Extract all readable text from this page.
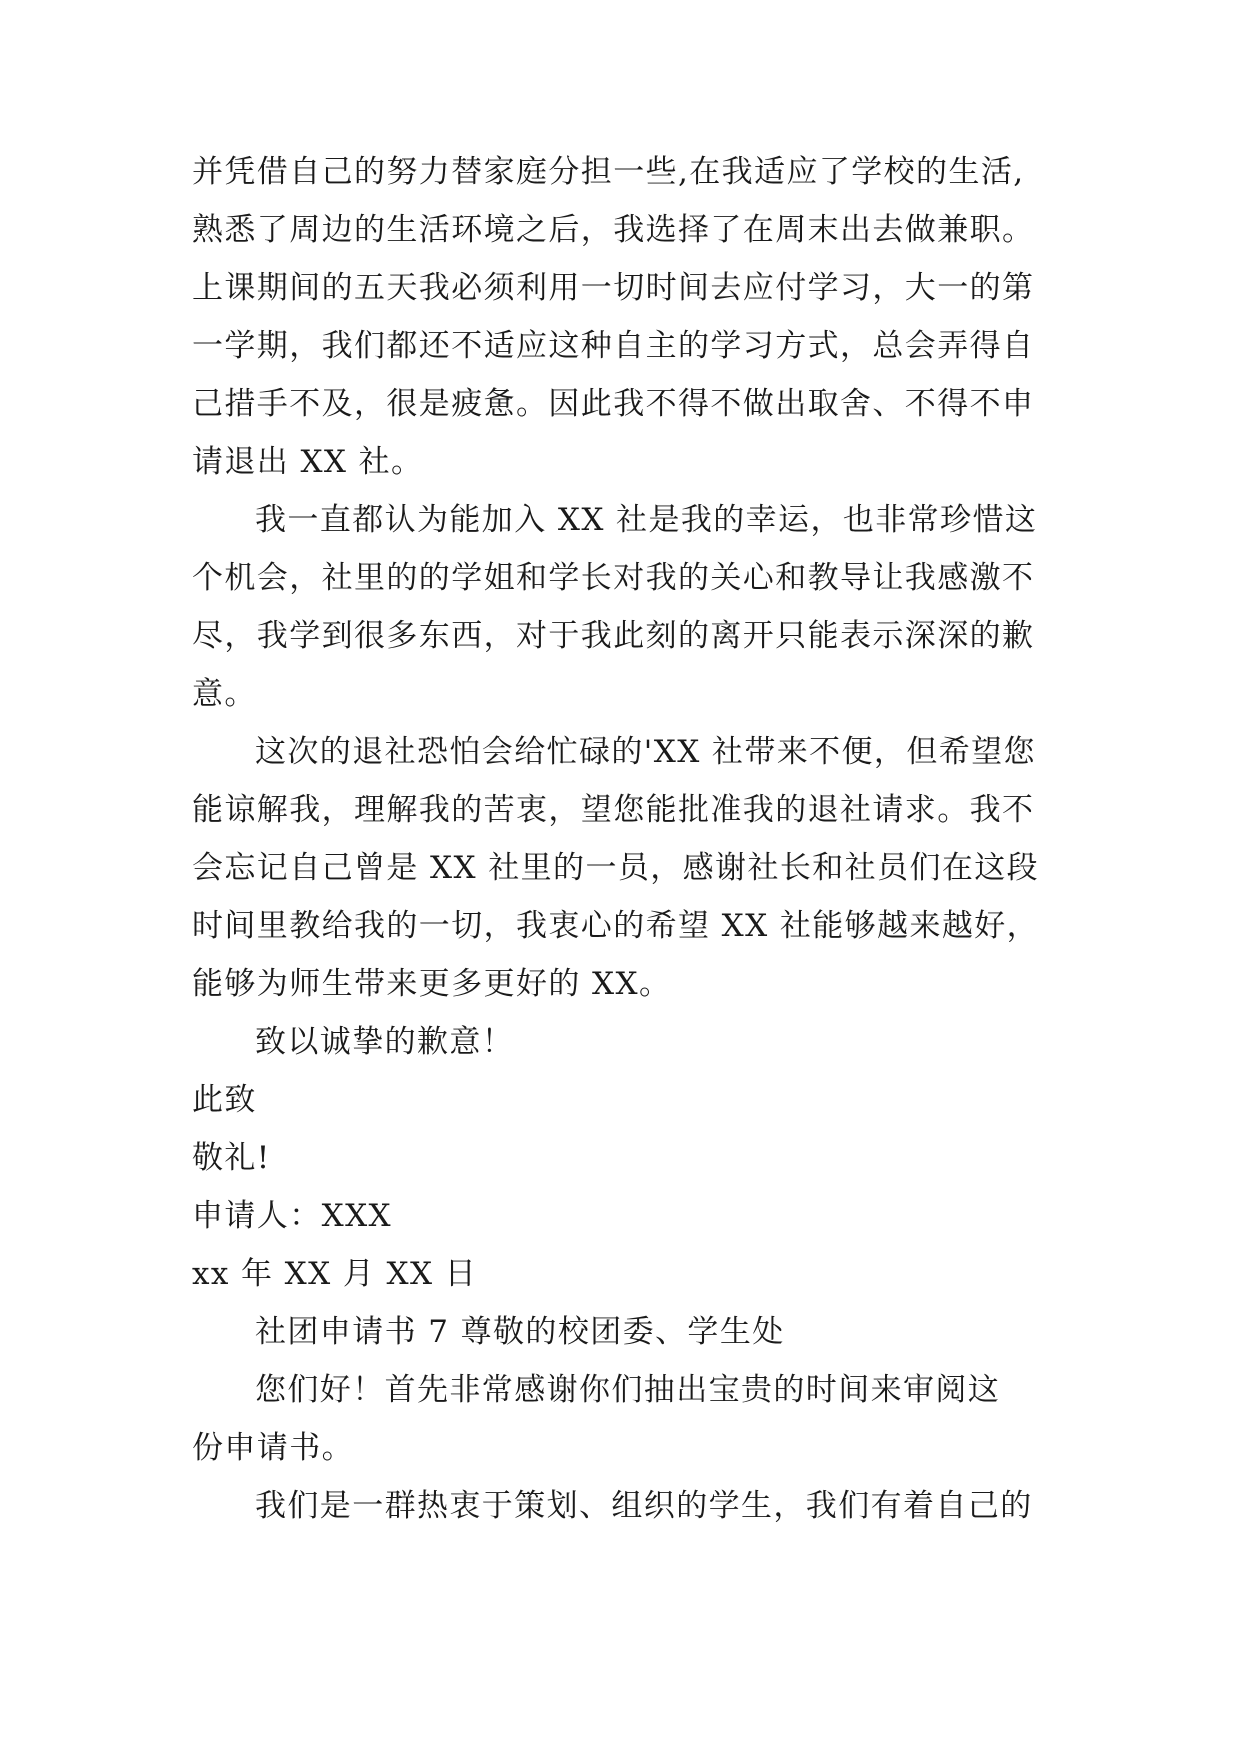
并凭借自己的努力替家庭分担一些,在我适应了学校的生活,
熟悉了周边的生活环境之后，我选择了在周末出去做兼职。
上课期间的五天我必须利用一切时间去应付学习，大一的第
一学期，我们都还不适应这种自主的学习方式，总会弄得自
己措手不及，很是疲惫。因此我不得不做出取舍、不得不申
请退出 XX 社。
我一直都认为能加入 XX 社是我的幸运，也非常珍惜这
个机会，社里的的学姐和学长对我的关心和教导让我感激不
尽，我学到很多东西，对于我此刻的离开只能表示深深的歉
意。
这次的退社恐怕会给忙碌的'XX 社带来不便，但希望您
能谅解我，理解我的苦衷，望您能批准我的退社请求。我不
会忘记自己曾是 XX 社里的一员，感谢社长和社员们在这段
时间里教给我的一切，我衷心的希望 XX 社能够越来越好，
能够为师生带来更多更好的 XX。
致以诚挚的歉意！
此致
敬礼!
申请人：XXX
xx 年 XX 月 XX 日
社团申请书 7 尊敬的校团委、学生处
您们好！首先非常感谢你们抽出宝贵的时间来审阅这
份申请书。
我们是一群热衷于策划、组织的学生，我们有着自己的
